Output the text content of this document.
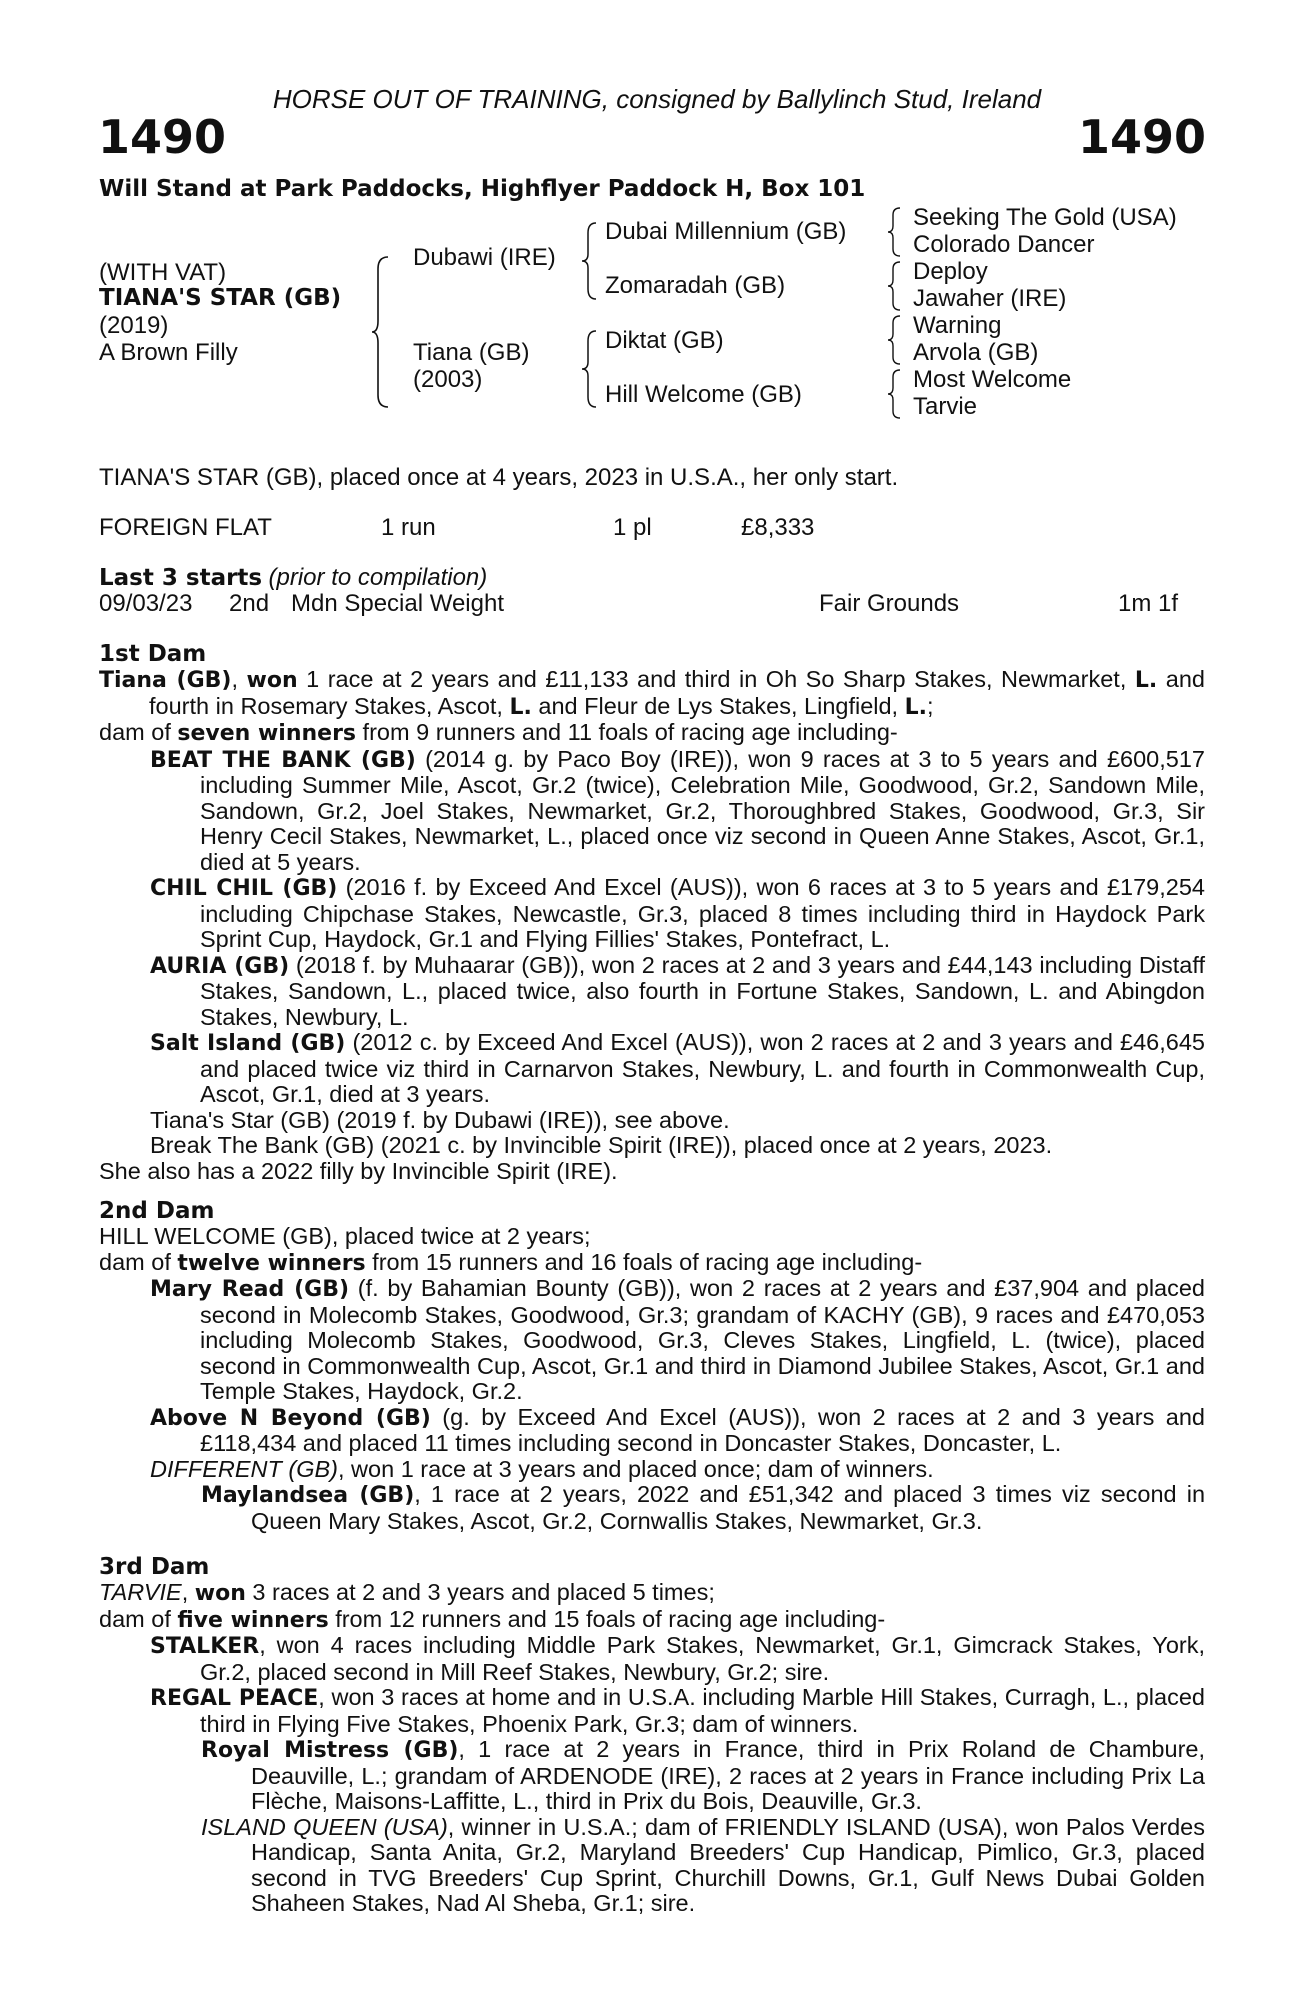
HORSE OUT OF TRAINING, consigned by Ballylinch Stud, Ireland
1490	1490
Will Stand at Park Paddocks, Highflyer Paddock H, Box 101
(WITH VAT)
TIANA'S STAR (GB)
(2019)
A Brown Filly
Dubawi (IRE)
Tiana (GB)
(2003)
Dubai Millennium (GB)
Zomaradah (GB)
Diktat (GB)
Hill Welcome (GB)
Seeking The Gold (USA)
Colorado Dancer
Deploy
Jawaher (IRE)
Warning
Arvola (GB)
Most Welcome
Tarvie
TIANA'S STAR (GB), placed once at 4 years, 2023 in U.S.A., her only start.
FOREIGN FLAT	1 run	1 pl	£8,333
Last 3 starts (prior to compilation)
09/03/23 2nd Mdn Special Weight	Fair Grounds	1m 1f
1st Dam

Tiana (GB), won 1 race at 2 years and £11,133 and third in Oh So Sharp Stakes, Newmarket, L. and fourth in Rosemary Stakes, Ascot, L. and Fleur de Lys Stakes, Lingfield, L.;

dam of seven winners from 9 runners and 11 foals of racing age including-

BEAT THE BANK (GB) (2014 g. by Paco Boy (IRE)), won 9 races at 3 to 5 years and £600,517 including Summer Mile, Ascot, Gr.2 (twice), Celebration Mile, Goodwood, Gr.2, Sandown Mile, Sandown, Gr.2, Joel Stakes, Newmarket, Gr.2, Thoroughbred Stakes, Goodwood, Gr.3, Sir Henry Cecil Stakes, Newmarket, L., placed once viz second in Queen Anne Stakes, Ascot, Gr.1, died at 5 years.

CHIL CHIL (GB) (2016 f. by Exceed And Excel (AUS)), won 6 races at 3 to 5 years and £179,254 including Chipchase Stakes, Newcastle, Gr.3, placed 8 times including third in Haydock Park Sprint Cup, Haydock, Gr.1 and Flying Fillies' Stakes, Pontefract, L.

AURIA (GB) (2018 f. by Muhaarar (GB)), won 2 races at 2 and 3 years and £44,143 including Distaff Stakes, Sandown, L., placed twice, also fourth in Fortune Stakes, Sandown, L. and Abingdon Stakes, Newbury, L.

Salt Island (GB) (2012 c. by Exceed And Excel (AUS)), won 2 races at 2 and 3 years and £46,645 and placed twice viz third in Carnarvon Stakes, Newbury, L. and fourth in Commonwealth Cup, Ascot, Gr.1, died at 3 years.

Tiana's Star (GB) (2019 f. by Dubawi (IRE)), see above.

Break The Bank (GB) (2021 c. by Invincible Spirit (IRE)), placed once at 2 years, 2023.

She also has a 2022 filly by Invincible Spirit (IRE).

2nd Dam

HILL WELCOME (GB), placed twice at 2 years;

dam of twelve winners from 15 runners and 16 foals of racing age including-

Mary Read (GB) (f. by Bahamian Bounty (GB)), won 2 races at 2 years and £37,904 and placed second in Molecomb Stakes, Goodwood, Gr.3; grandam of KACHY (GB), 9 races and £470,053 including Molecomb Stakes, Goodwood, Gr.3, Cleves Stakes, Lingfield, L. (twice), placed second in Commonwealth Cup, Ascot, Gr.1 and third in Diamond Jubilee Stakes, Ascot, Gr.1 and Temple Stakes, Haydock, Gr.2.

Above N Beyond (GB) (g. by Exceed And Excel (AUS)), won 2 races at 2 and 3 years and £118,434 and placed 11 times including second in Doncaster Stakes, Doncaster, L.

DIFFERENT (GB), won 1 race at 3 years and placed once; dam of winners.

Maylandsea (GB), 1 race at 2 years, 2022 and £51,342 and placed 3 times viz second in Queen Mary Stakes, Ascot, Gr.2, Cornwallis Stakes, Newmarket, Gr.3.

3rd Dam

TARVIE, won 3 races at 2 and 3 years and placed 5 times;

dam of five winners from 12 runners and 15 foals of racing age including-

STALKER, won 4 races including Middle Park Stakes, Newmarket, Gr.1, Gimcrack Stakes, York, Gr.2, placed second in Mill Reef Stakes, Newbury, Gr.2; sire.

REGAL PEACE, won 3 races at home and in U.S.A. including Marble Hill Stakes, Curragh, L., placed third in Flying Five Stakes, Phoenix Park, Gr.3; dam of winners.

Royal Mistress (GB), 1 race at 2 years in France, third in Prix Roland de Chambure, Deauville, L.; grandam of ARDENODE (IRE), 2 races at 2 years in France including Prix La Flèche, Maisons-Laffitte, L., third in Prix du Bois, Deauville, Gr.3.

ISLAND QUEEN (USA), winner in U.S.A.; dam of FRIENDLY ISLAND (USA), won Palos Verdes Handicap, Santa Anita, Gr.2, Maryland Breeders' Cup Handicap, Pimlico, Gr.3, placed second in TVG Breeders' Cup Sprint, Churchill Downs, Gr.1, Gulf News Dubai Golden Shaheen Stakes, Nad Al Sheba, Gr.1; sire.
